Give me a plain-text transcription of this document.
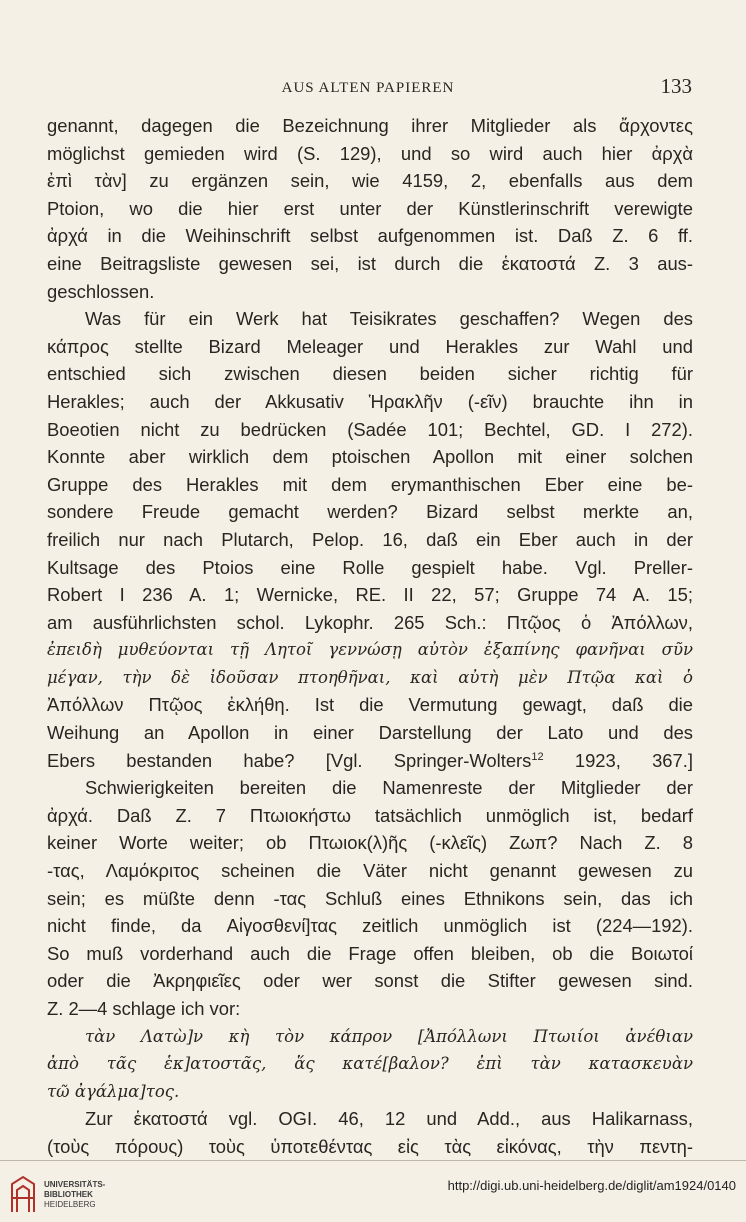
AUS ALTEN PAPIEREN	133
genannt, dagegen die Bezeichnung ihrer Mitglieder als ἄρχοντες
möglichst gemieden wird (S. 129), und so wird auch hier ἀρχὰ
ἐπὶ τὰν] zu ergänzen sein, wie 4159, 2, ebenfalls aus dem
Ptoion, wo die hier erst unter der Künstlerinschrift verewigte
ἀρχά in die Weihinschrift selbst aufgenommen ist. Daß Z. 6 ff.
eine Beitragsliste gewesen sei, ist durch die ἑκατοστά Z. 3 aus-
geschlossen.
Was für ein Werk hat Teisikrates geschaffen? Wegen des
κάπρος stellte Bizard Meleager und Herakles zur Wahl und
entschied sich zwischen diesen beiden sicher richtig für
Herakles; auch der Akkusativ Ἡρακλῆν (-εῖν) brauchte ihn in
Boeotien nicht zu bedrücken (Sadée 101; Bechtel, GD. I 272).
Konnte aber wirklich dem ptoischen Apollon mit einer solchen
Gruppe des Herakles mit dem erymanthischen Eber eine be-
sondere Freude gemacht werden? Bizard selbst merkte an,
freilich nur nach Plutarch, Pelop. 16, daß ein Eber auch in der
Kultsage des Ptoios eine Rolle gespielt habe. Vgl. Preller-
Robert I 236 A. 1; Wernicke, RE. II 22, 57; Gruppe 74 A. 15;
am ausführlichsten schol. Lykophr. 265 Sch.: Πτῷος ὁ Ἀπόλλων,
ἐπειδὴ μυθεύονται τῇ Λητοῖ γεννώσῃ αὐτὸν ἐξαπίνης φανῆναι σῦν
μέγαν, τὴν δὲ ἰδοῦσαν πτοηθῆναι, καὶ αὐτὴ μὲν Πτῷα καὶ ὁ
Ἀπόλλων Πτῷος ἐκλήθη. Ist die Vermutung gewagt, daß die
Weihung an Apollon in einer Darstellung der Lato und des
Ebers bestanden habe? [Vgl. Springer-Wolters$^{12}$ 1923, 367.]
Schwierigkeiten bereiten die Namenreste der Mitglieder der
ἀρχά. Daß Z. 7 Πτωιοκήστω tatsächlich unmöglich ist, bedarf
keiner Worte weiter; ob Πτωιοκ(λ)ῆς (-κλεῖς) Ζωπ? Nach Z. 8
-τας, Λαμόκριτος scheinen die Väter nicht genannt gewesen zu
sein; es müßte denn -τας Schluß eines Ethnikons sein, das ich
nicht finde, da Αἰγοσθενί]τας zeitlich unmöglich ist (224—192).
So muß vorderhand auch die Frage offen bleiben, ob die Βοιωτοί
oder die Ἀκρηφιεῖες oder wer sonst die Stifter gewesen sind.
Z. 2—4 schlage ich vor:
τὰν Λατὼ]ν κὴ τὸν κάπρον [Ἀπόλλωνι Πτωιίοι ἀνέθιαν
ἀπὸ τᾶς ἑκ]ατοστᾶς, ἅς κατέ[βαλον? ἐπὶ τὰν κατασκευὰν
τῶ ἀγάλμα]τος.
Zur ἑκατοστά vgl. OGI. 46, 12 und Add., aus Halikarnass,
(τοὺς πόρους) τοὺς ὑποτεθέντας εἰς τὰς εἰκόνας, τὴν πεντη-
UNIVERSITÄTS-
BIBLIOTHEK
HEIDELBERG
http://digi.ub.uni-heidelberg.de/diglit/am1924/0140
